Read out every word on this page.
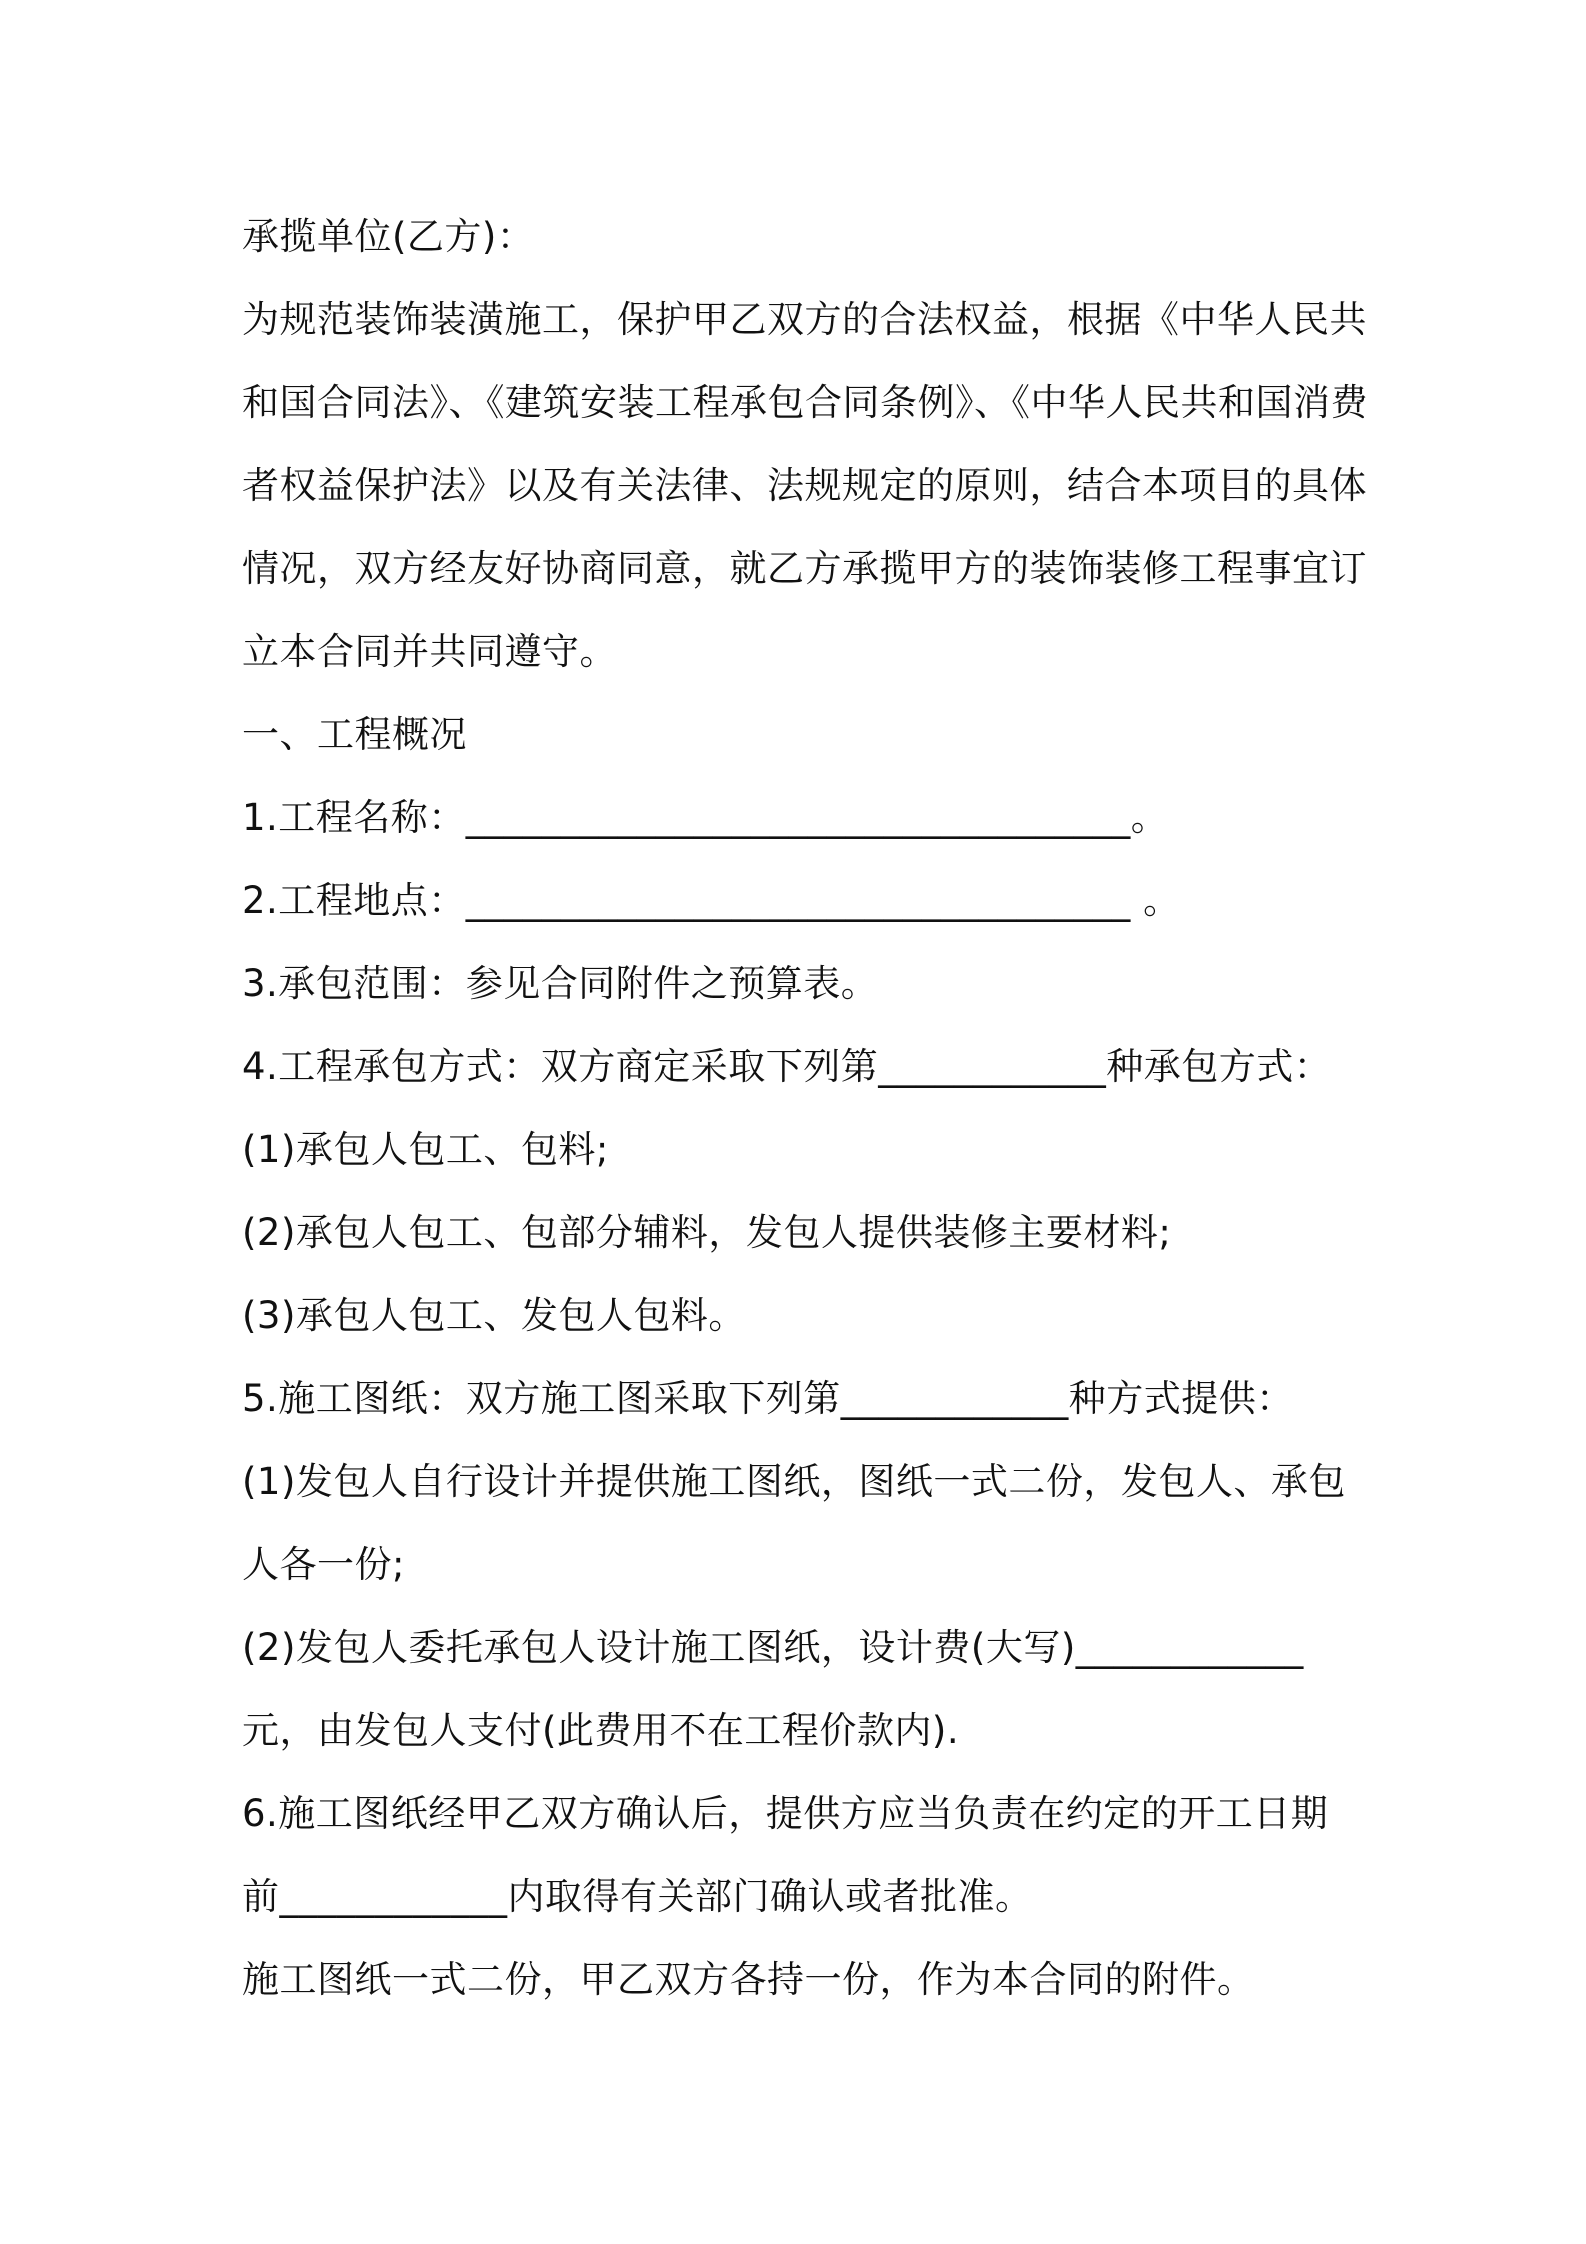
承揽单位(乙方)：
为规范装饰装潢施工，保护甲乙双方的合法权益，根据《中华人民共
和国合同法》、《建筑安装工程承包合同条例》、《中华人民共和国消费
者权益保护法》以及有关法律、法规规定的原则，结合本项目的具体
情况，双方经友好协商同意，就乙方承揽甲方的装饰装修工程事宜订
立本合同并共同遵守。
一、工程概况
1.工程名称：___________________________________。
2.工程地点：___________________________________ 。
3.承包范围：参见合同附件之预算表。
4.工程承包方式：双方商定采取下列第____________种承包方式：
(1)承包人包工、包料;
(2)承包人包工、包部分辅料，发包人提供装修主要材料;
(3)承包人包工、发包人包料。
5.施工图纸：双方施工图采取下列第____________种方式提供：
(1)发包人自行设计并提供施工图纸，图纸一式二份，发包人、承包
人各一份;
(2)发包人委托承包人设计施工图纸，设计费(大写)____________
元，由发包人支付(此费用不在工程价款内).
6.施工图纸经甲乙双方确认后，提供方应当负责在约定的开工日期
前____________内取得有关部门确认或者批准。
施工图纸一式二份，甲乙双方各持一份，作为本合同的附件。
